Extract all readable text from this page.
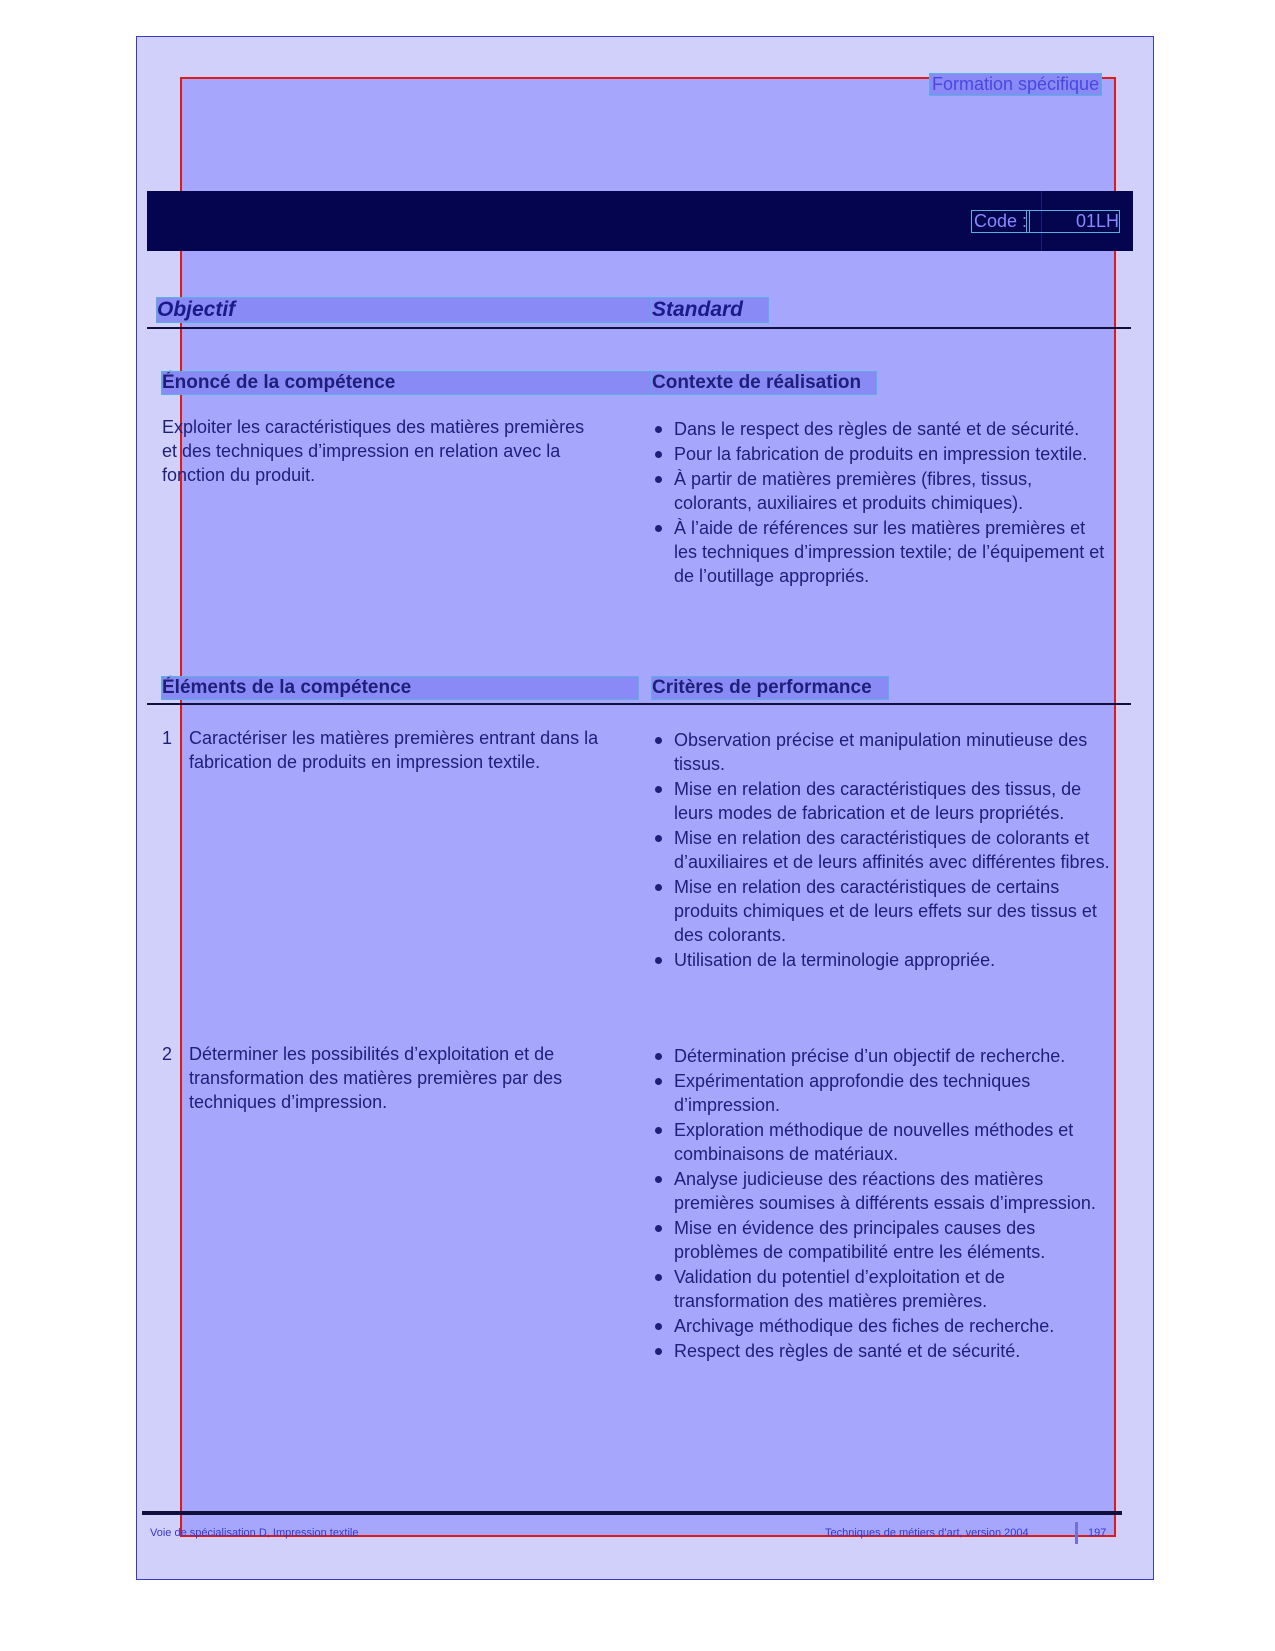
Formation spécifique
Code :	01LH
Objectif	Standard
Énoncé de la compétence	Contexte de réalisation
Exploiter les caractéristiques des matières premières et des techniques d’impression en relation avec la fonction du produit.
Dans le respect des règles de santé et de sécurité.
Pour la fabrication de produits en impression textile.
À partir de matières premières (fibres, tissus, colorants, auxiliaires et produits chimiques).
À l’aide de références sur les matières premières et les techniques d’impression textile; de l’équipement et de l’outillage appropriés.
Éléments de la compétence	Critères de performance
1 Caractériser les matières premières entrant dans la fabrication de produits en impression textile.
Observation précise et manipulation minutieuse des tissus.
Mise en relation des caractéristiques des tissus, de leurs modes de fabrication et de leurs propriétés.
Mise en relation des caractéristiques de colorants et d’auxiliaires et de leurs affinités avec différentes fibres.
Mise en relation des caractéristiques de certains produits chimiques et de leurs effets sur des tissus et des colorants.
Utilisation de la terminologie appropriée.
2 Déterminer les possibilités d’exploitation et de transformation des matières premières par des techniques d’impression.
Détermination précise d’un objectif de recherche.
Expérimentation approfondie des techniques d’impression.
Exploration méthodique de nouvelles méthodes et combinaisons de matériaux.
Analyse judicieuse des réactions des matières premières soumises à différents essais d’impression.
Mise en évidence des principales causes des problèmes de compatibilité entre les éléments.
Validation du potentiel d’exploitation et de transformation des matières premières.
Archivage méthodique des fiches de recherche.
Respect des règles de santé et de sécurité.
Voie de spécialisation D, Impression textile	Techniques de métiers d’art, version 2004	197
